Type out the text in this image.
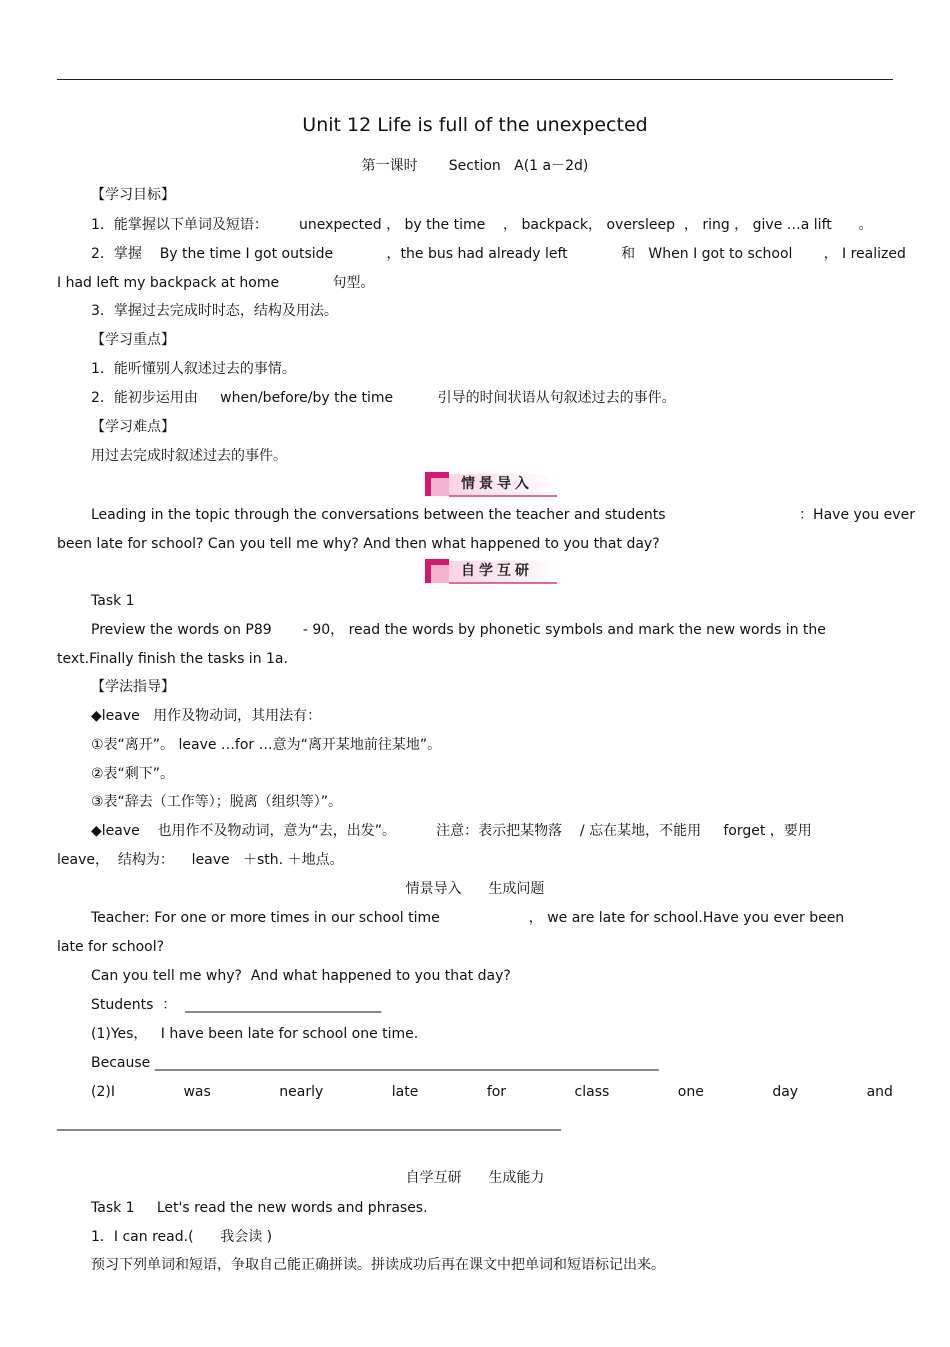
Unit 12 Life is full of the unexpected
第一课时       Section   A(1 a－2d)
【学习目标】
1．能掌握以下单词及短语：       unexpected ， by the time    ， backpack， oversleep  ， ring ， give …a lift      。
2．掌握    By the time I got outside            ，the bus had already left            和   When I got to school       ， I realized
I had left my backpack at home            句型。
3．掌握过去完成时时态，结构及用法。
【学习重点】
1．能听懂别人叙述过去的事情。
2．能初步运用由     when/before/by the time          引导的时间状语从句叙述过去的事件。
【学习难点】
用过去完成时叙述过去的事件。
情景导入
Leading in the topic through the conversations between the teacher and students                              ：Have you ever
been late for school? Can you tell me why? And then what happened to you that day?
自学互研
Task 1
Preview the words on P89       - 90， read the words by phonetic symbols and mark the new words in the
text.Finally finish the tasks in 1a.
【学法指导】
◆leave   用作及物动词，其用法有：
①表“离开”。 leave …for …意为“离开某地前往某地”。
②表“剩下”。
③表“辞去（工作等）；脱离（组织等）”。
◆leave    也用作不及物动词，意为“去，出发”。         注意：表示把某物落    / 忘在某地，不能用     forget ，要用
leave，  结构为：    leave   ＋sth. ＋地点。
情景导入      生成问题
Teacher: For one or more times in our school time                    ， we are late for school.Have you ever been
late for school?
Can you tell me why?  And what happened to you that day?
Students  ：  ____________________________
(1)Yes，   I have been late for school one time.
Because ________________________________________________________________________
(2)I	was	nearly	late	for	class	one	day	and
________________________________________________________________________
自学互研      生成能力
Task 1     Let's read the new words and phrases.
1．I can read.(      我会读 )
预习下列单词和短语，争取自己能正确拼读。拼读成功后再在课文中把单词和短语标记出来。
